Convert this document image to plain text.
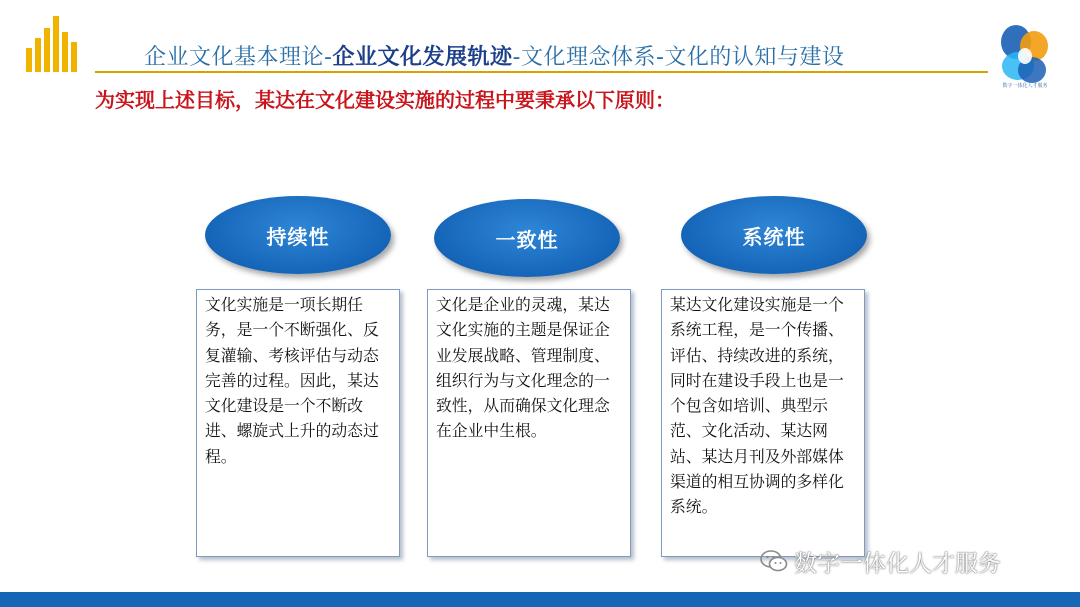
企业文化基本理论-企业文化发展轨迹-文化理念体系-文化的认知与建设
数字一体化人才服务
为实现上述目标，某达在文化建设实施的过程中要秉承以下原则：
持续性	一致性	系统性
文化实施是一项长期任务，是一个不断强化、反复灌输、考核评估与动态完善的过程。因此，某达文化建设是一个不断改进、螺旋式上升的动态过程。
文化是企业的灵魂，某达文化实施的主题是保证企业发展战略、管理制度、组织行为与文化理念的一致性，从而确保文化理念在企业中生根。
某达文化建设实施是一个系统工程，是一个传播、评估、持续改进的系统，同时在建设手段上也是一个包含如培训、典型示范、文化活动、某达网站、某达月刊及外部媒体渠道的相互协调的多样化系统。
数字一体化人才服务
